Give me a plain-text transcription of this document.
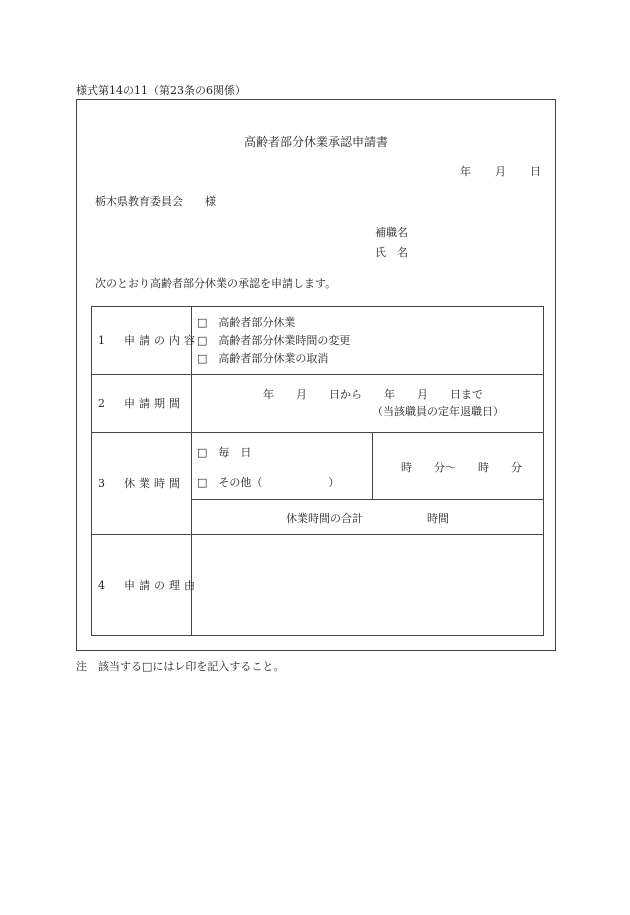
様式第14の11（第23条の6関係）
高齢者部分休業承認申請書
年 月 日
栃木県教育委員会　　様
補職名
氏　名
次のとおり高齢者部分休業の承認を申請します。
1　申請の内容
□ 高齢者部分休業
□ 高齢者部分休業時間の変更
□ 高齢者部分休業の取消
2　申請期間
年　　月　　日から　　年　　月　　日まで
（当該職員の定年退職日）
3　休業時間
□ 毎　日
□ その他（　　　　　　）
時　　分～　　時　　分
休業時間の合計	時間
4　申請の理由
注　該当する□にはレ印を記入すること。
